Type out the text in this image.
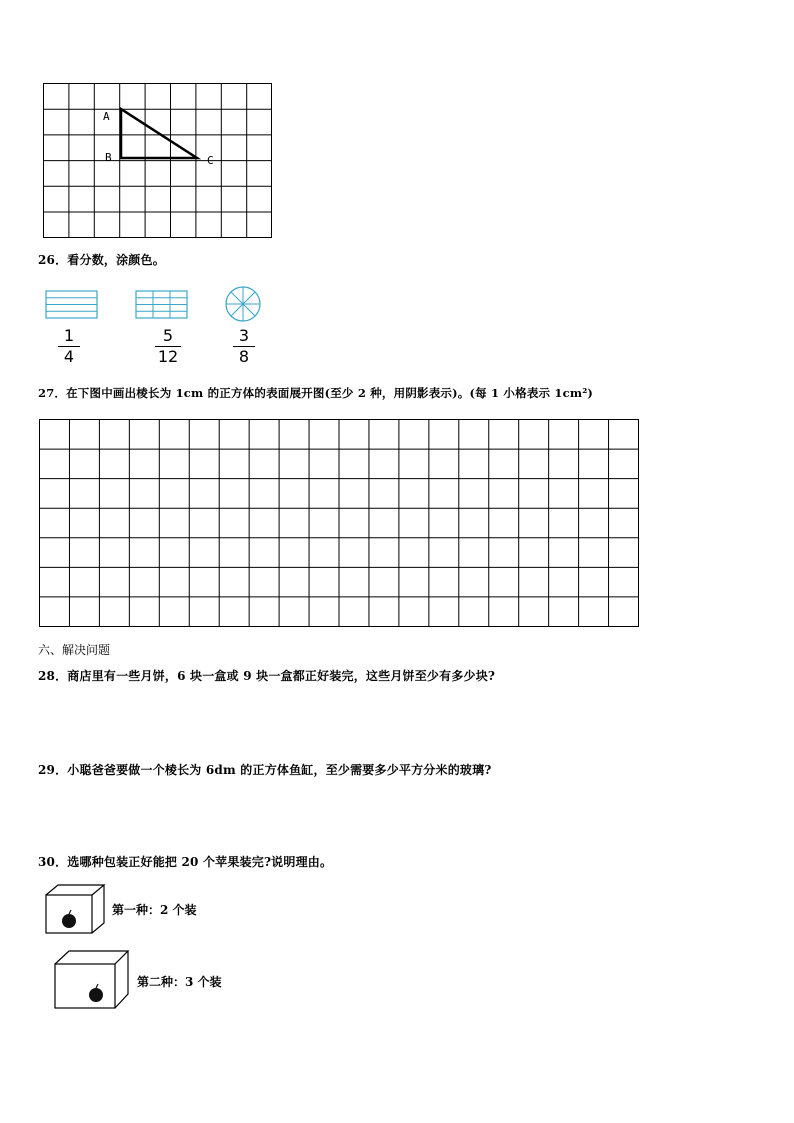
A
B	C
26．看分数，涂颜色。
1
4
5
12
3
8
27．在下图中画出棱长为 1cm 的正方体的表面展开图(至少 2 种，用阴影表示)。(每 1 小格表示 1cm²)
六、解决问题
28．商店里有一些月饼，6 块一盒或 9 块一盒都正好装完，这些月饼至少有多少块?
29．小聪爸爸要做一个棱长为 6dm 的正方体鱼缸，至少需要多少平方分米的玻璃?
30．选哪种包装正好能把 20 个苹果装完?说明理由。
第一种：2 个装
第二种：3 个装
